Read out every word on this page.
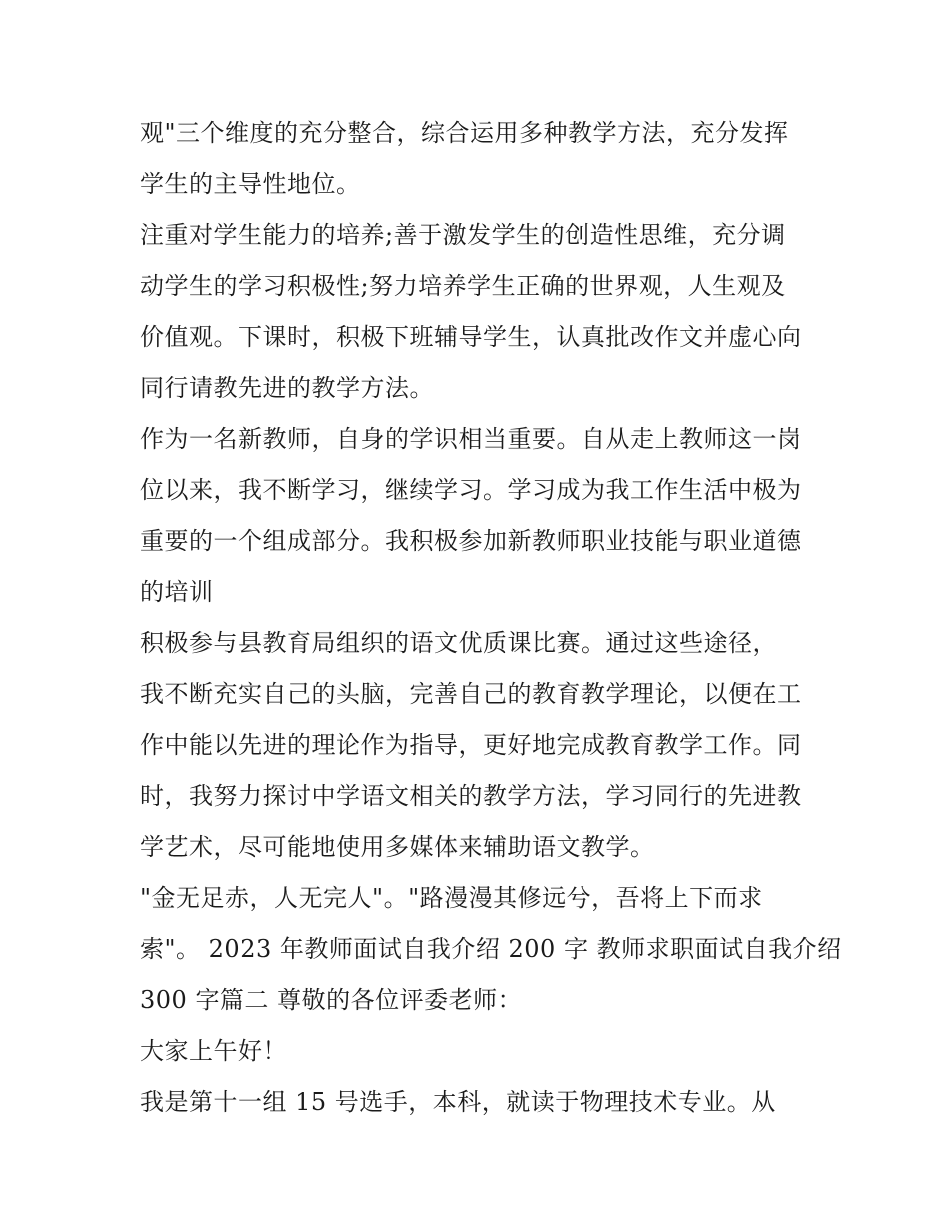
观"三个维度的充分整合，综合运用多种教学方法，充分发挥
学生的主导性地位。
注重对学生能力的培养;善于激发学生的创造性思维，充分调
动学生的学习积极性;努力培养学生正确的世界观，人生观及
价值观。下课时，积极下班辅导学生，认真批改作文并虚心向
同行请教先进的教学方法。
作为一名新教师，自身的学识相当重要。自从走上教师这一岗
位以来，我不断学习，继续学习。学习成为我工作生活中极为
重要的一个组成部分。我积极参加新教师职业技能与职业道德
的培训
积极参与县教育局组织的语文优质课比赛。通过这些途径，
我不断充实自己的头脑，完善自己的教育教学理论，以便在工
作中能以先进的理论作为指导，更好地完成教育教学工作。同
时，我努力探讨中学语文相关的教学方法，学习同行的先进教
学艺术，尽可能地使用多媒体来辅助语文教学。
"金无足赤，人无完人"。"路漫漫其修远兮，吾将上下而求
索"。 2023 年教师面试自我介绍 200 字 教师求职面试自我介绍
300 字篇二 尊敬的各位评委老师：
大家上午好！
我是第十一组 15 号选手，本科，就读于物理技术专业。从
